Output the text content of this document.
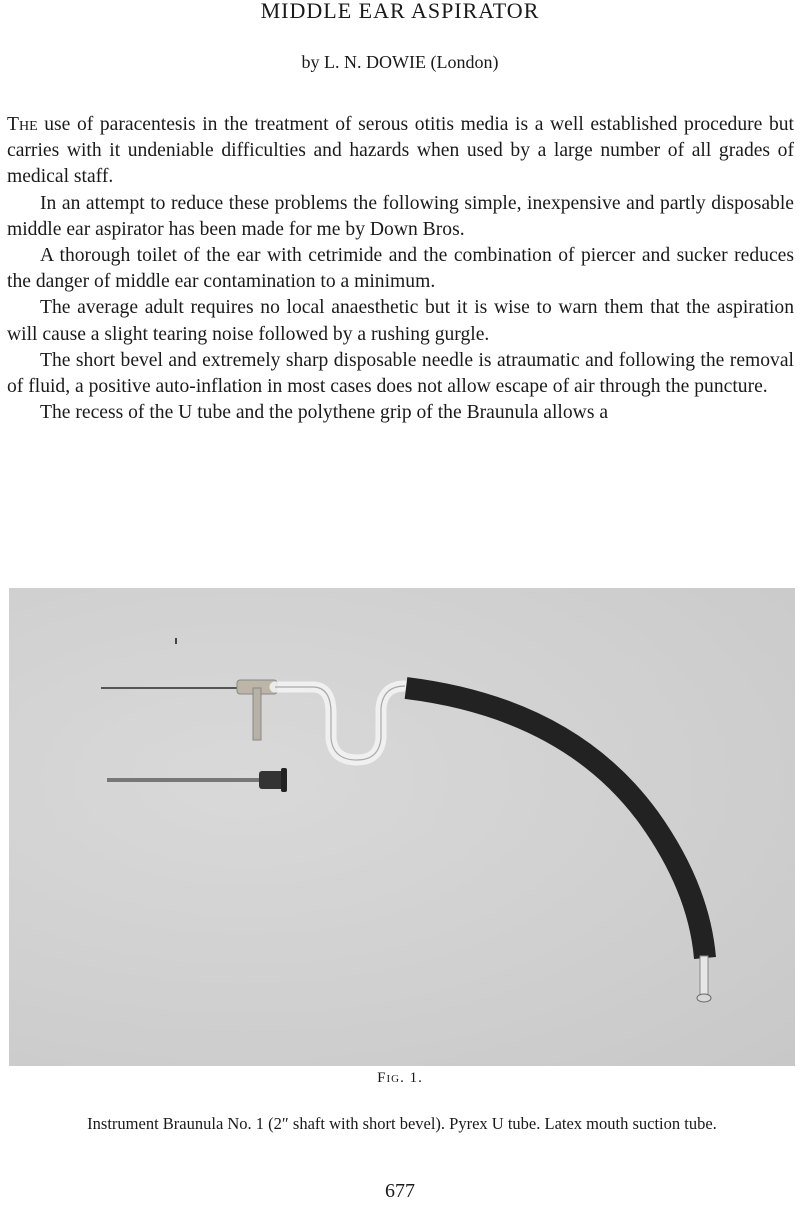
MIDDLE EAR ASPIRATOR
by L. N. DOWIE (London)

The use of paracentesis in the treatment of serous otitis media is a well established procedure but carries with it undeniable difficulties and hazards when used by a large number of all grades of medical staff.

In an attempt to reduce these problems the following simple, inexpensive and partly disposable middle ear aspirator has been made for me by Down Bros.

A thorough toilet of the ear with cetrimide and the combination of piercer and sucker reduces the danger of middle ear contamination to a minimum.

The average adult requires no local anaesthetic but it is wise to warn them that the aspiration will cause a slight tearing noise followed by a rushing gurgle.

The short bevel and extremely sharp disposable needle is atraumatic and following the removal of fluid, a positive auto-inflation in most cases does not allow escape of air through the puncture.

The recess of the U tube and the polythene grip of the Braunula allows a

Fig. 1.
Instrument Braunula No. 1 (2″ shaft with short bevel). Pyrex U tube. Latex mouth suction tube.
677
